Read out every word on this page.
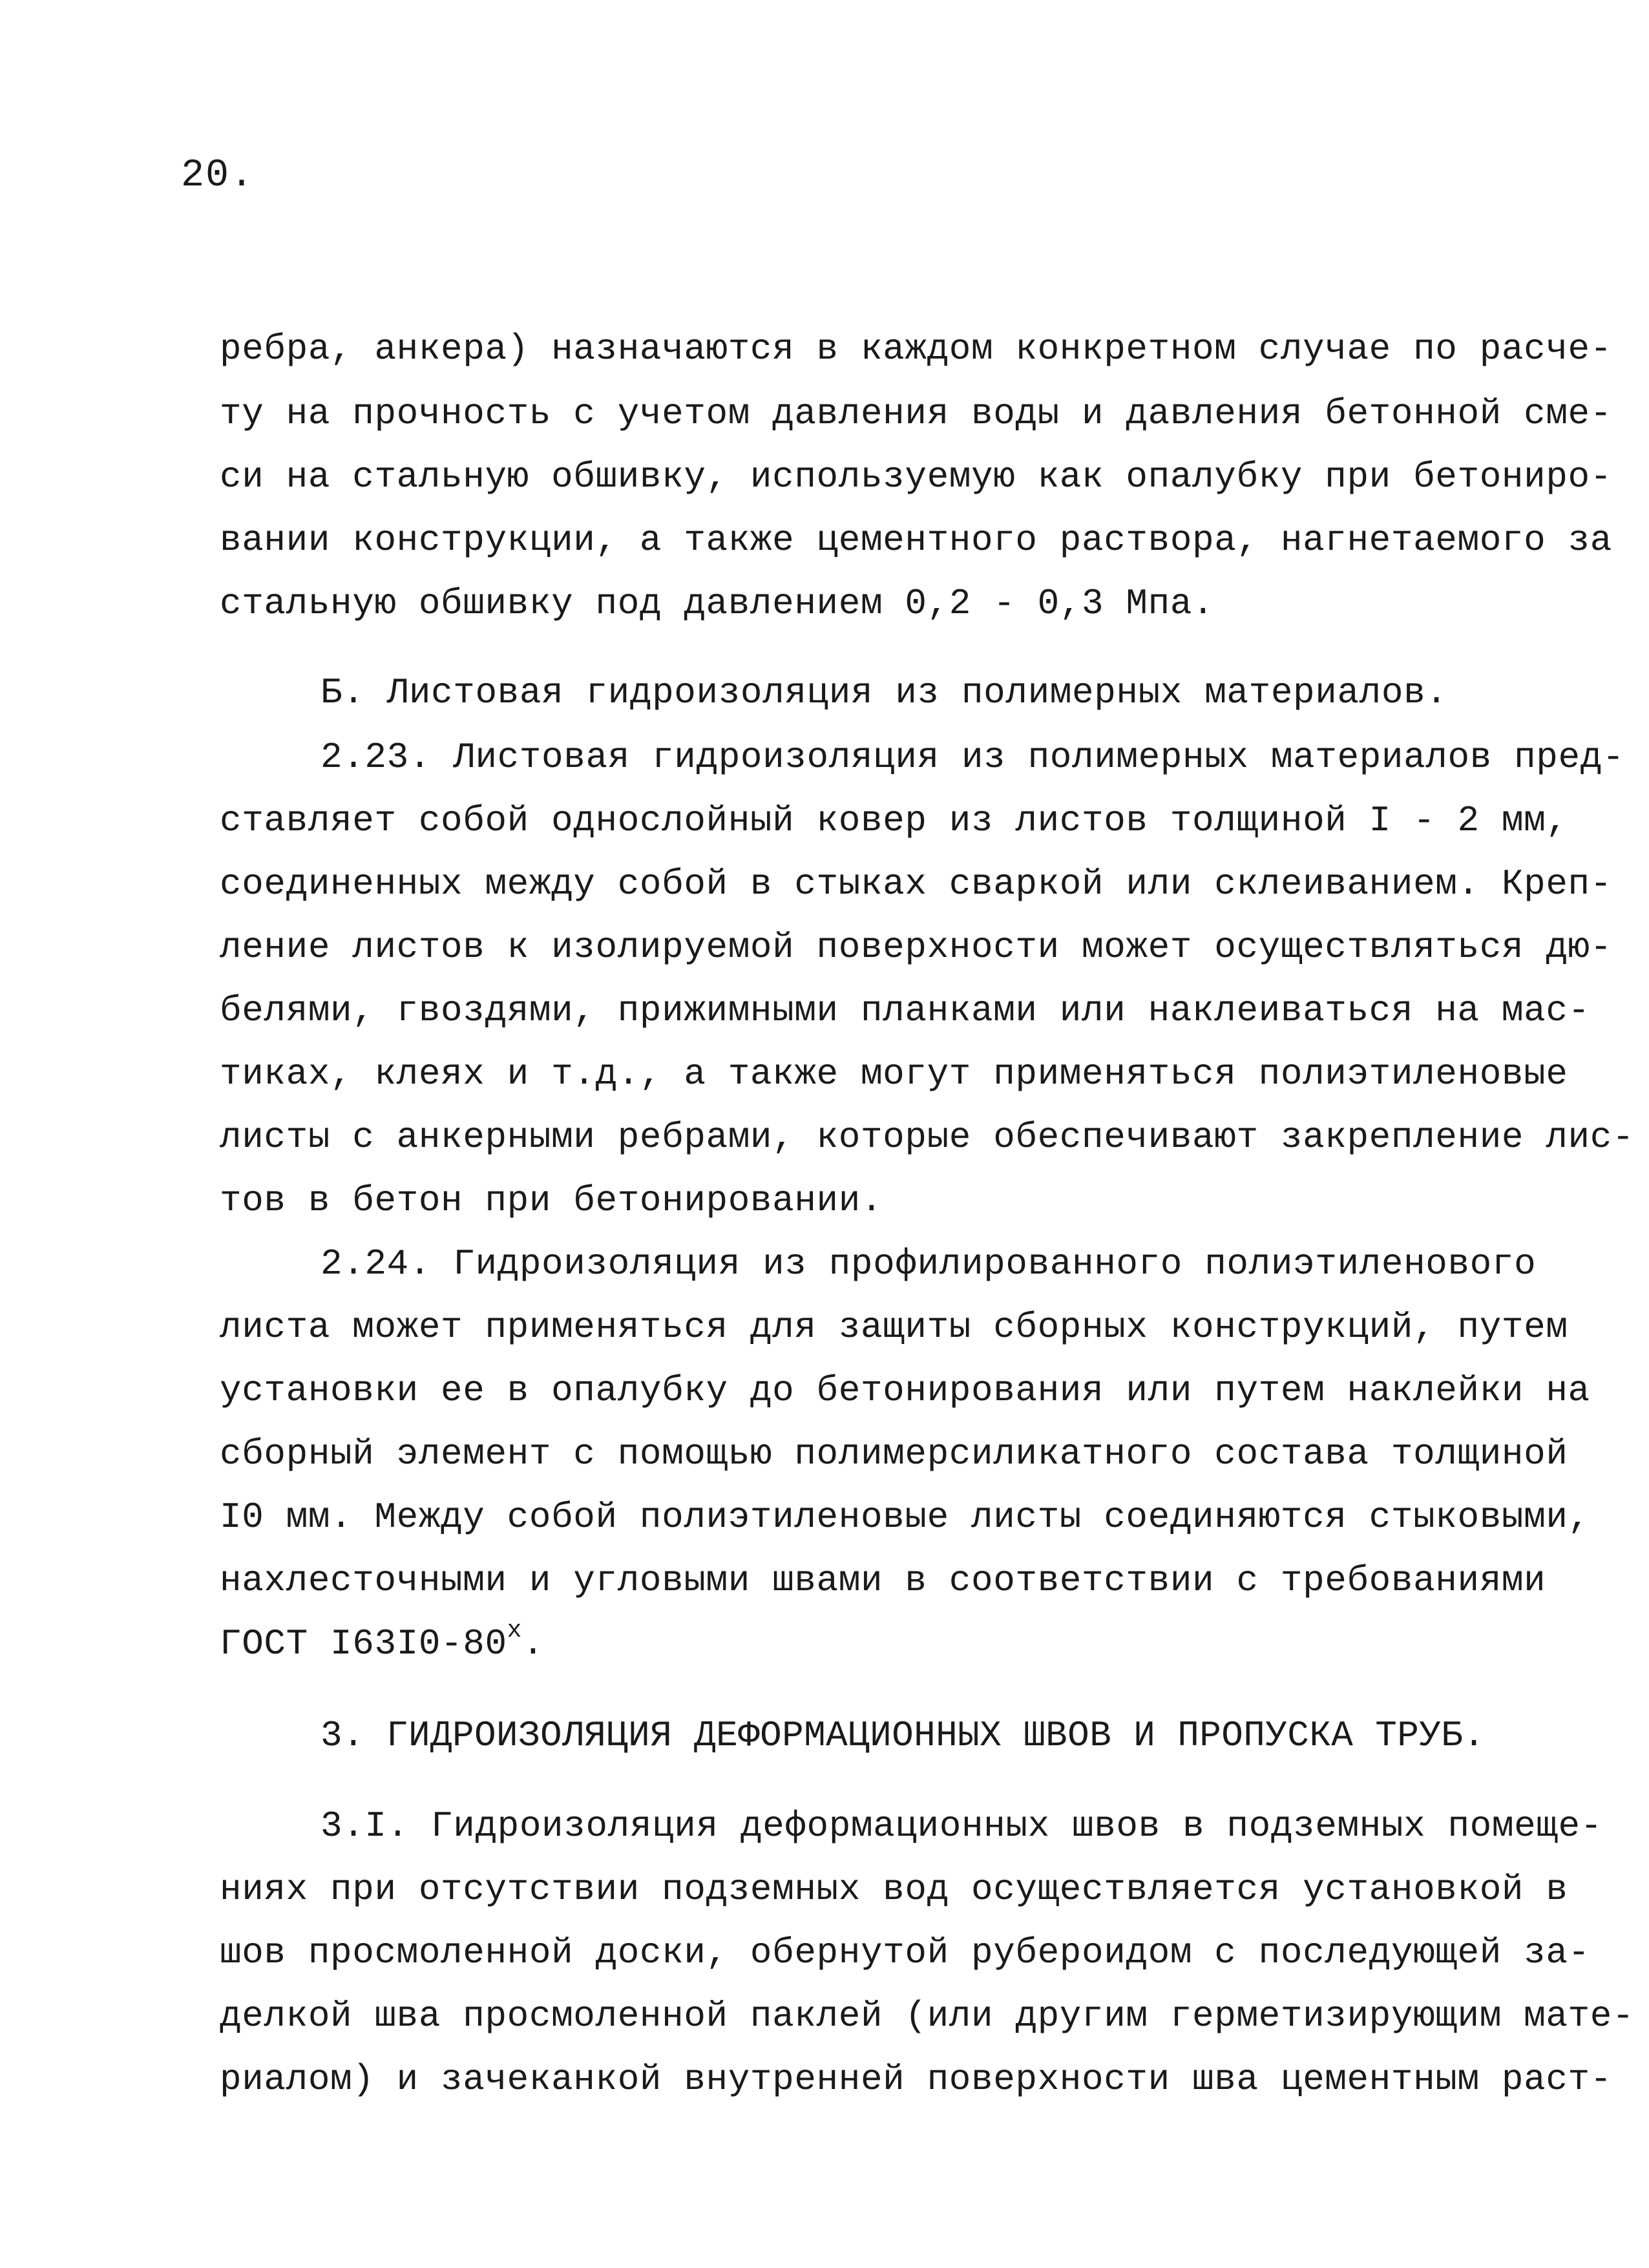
20.
ребра, анкера) назначаются в каждом конкретном случае по расче-
ту на прочность с учетом давления воды и давления бетонной сме-
си на стальную обшивку, используемую как опалубку при бетониро-
вании конструкции, а также цементного раствора, нагнетаемого за
стальную обшивку под давлением 0,2 - 0,3 Мпа.
Б. Листовая гидроизоляция из полимерных материалов.
2.23. Листовая гидроизоляция из полимерных материалов пред-
ставляет собой однослойный ковер из листов толщиной I - 2 мм,
соединенных между собой в стыках сваркой или склеиванием. Креп-
ление листов к изолируемой поверхности может осуществляться дю-
белями, гвоздями, прижимными планками или наклеиваться на мас-
тиках, клеях и т.д., а также могут применяться полиэтиленовые
листы с анкерными ребрами, которые обеспечивают закрепление лис-
тов в бетон при бетонировании.
2.24. Гидроизоляция из профилированного полиэтиленового
листа может применяться для защиты сборных конструкций, путем
установки ее в опалубку до бетонирования или путем наклейки на
сборный элемент с помощью полимерсиликатного состава толщиной
I0 мм. Между собой полиэтиленовые листы соединяются стыковыми,
нахлесточными и угловыми швами в соответствии с требованиями
ГОСТ $I63I0-80^х$.
3. ГИДРОИЗОЛЯЦИЯ ДЕФОРМАЦИОННЫХ ШВОВ И ПРОПУСКА ТРУБ.
3.I. Гидроизоляция деформационных швов в подземных помеще-
ниях при отсутствии подземных вод осуществляется установкой в
шов просмоленной доски, обернутой рубероидом с последующей за-
делкой шва просмоленной паклей (или другим герметизирующим мате-
риалом) и зачеканкой внутренней поверхности шва цементным раст-
